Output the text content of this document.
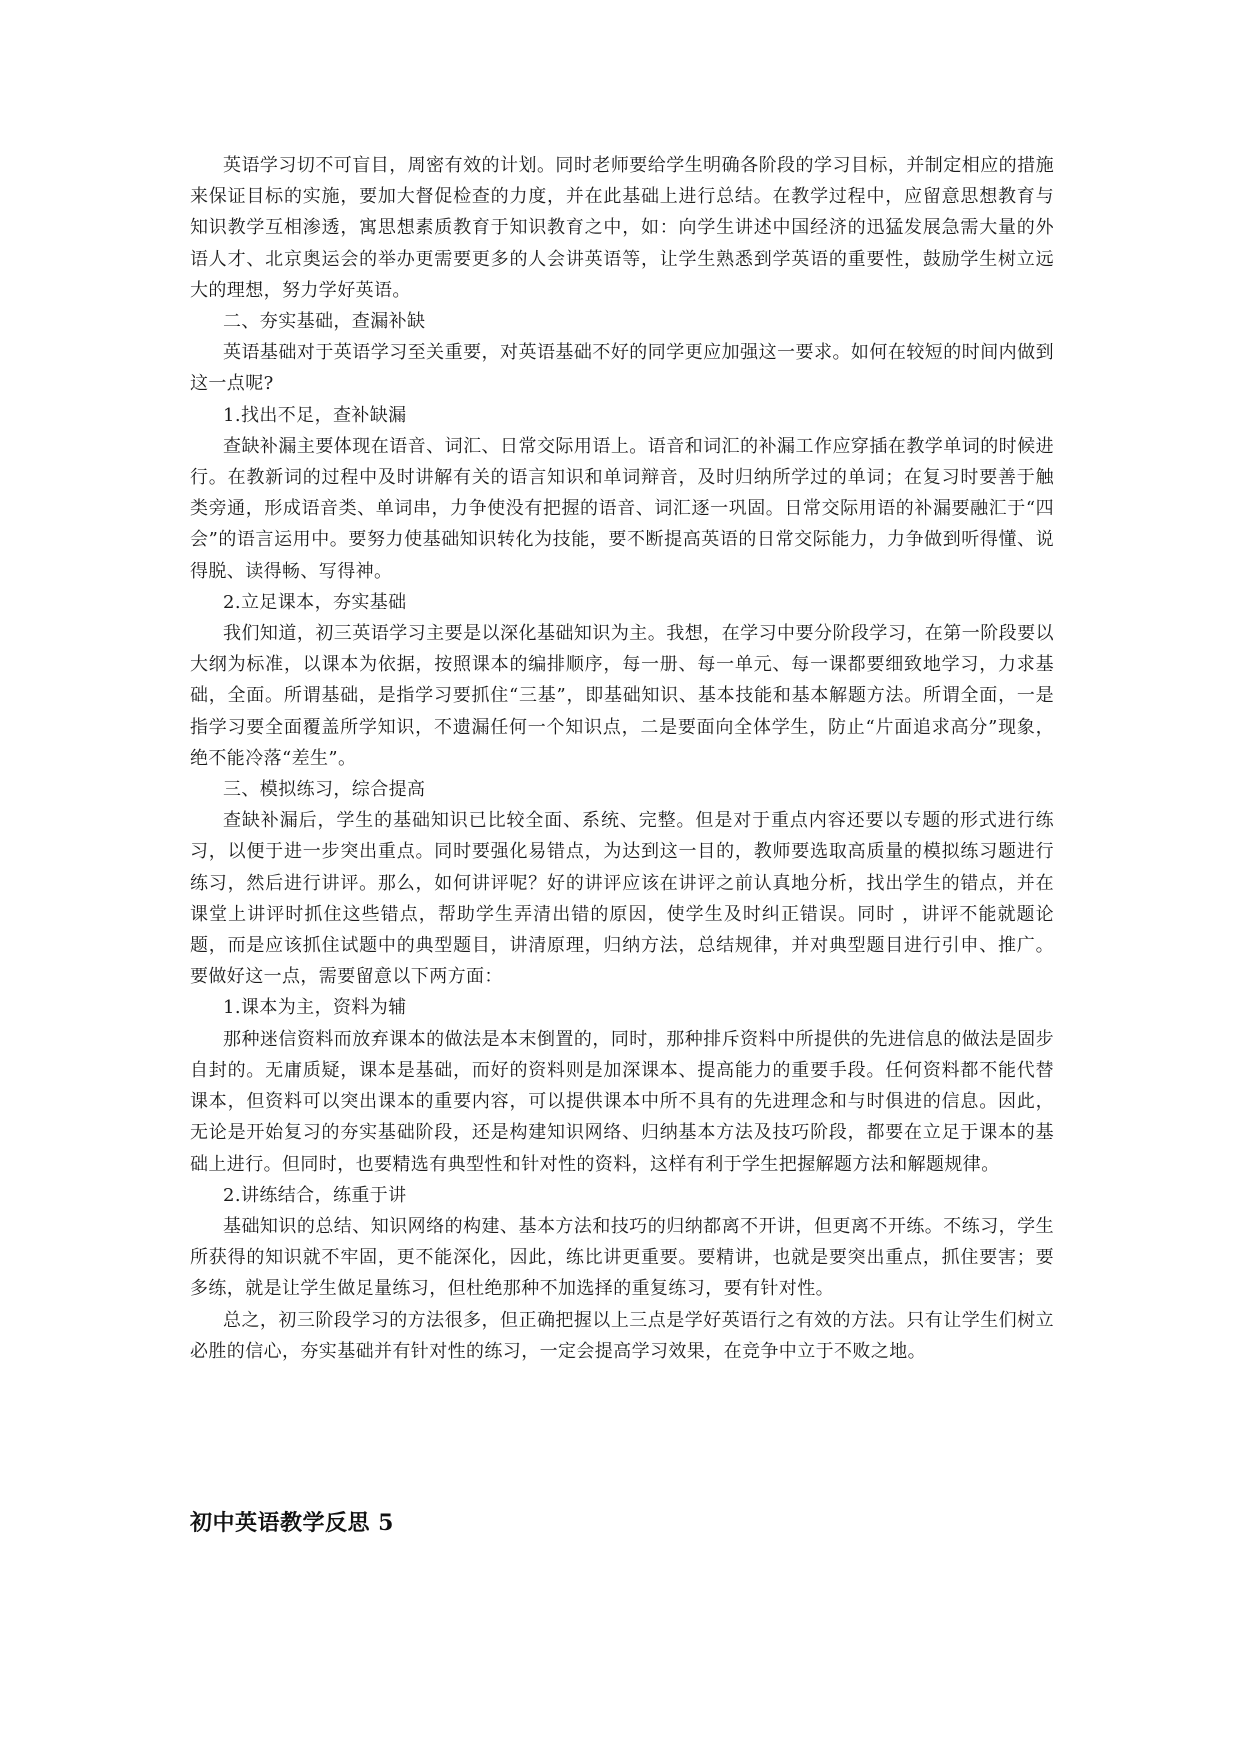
英语学习切不可盲目，周密有效的计划。同时老师要给学生明确各阶段的学习目标，并制定相应的措施来保证目标的实施，要加大督促检查的力度，并在此基础上进行总结。在教学过程中，应留意思想教育与知识教学互相渗透，寓思想素质教育于知识教育之中，如：向学生讲述中国经济的迅猛发展急需大量的外语人才、北京奥运会的举办更需要更多的人会讲英语等，让学生熟悉到学英语的重要性，鼓励学生树立远大的理想，努力学好英语。

二、夯实基础，查漏补缺

英语基础对于英语学习至关重要，对英语基础不好的同学更应加强这一要求。如何在较短的时间内做到这一点呢?

1.找出不足，查补缺漏

查缺补漏主要体现在语音、词汇、日常交际用语上。语音和词汇的补漏工作应穿插在教学单词的时候进行。在教新词的过程中及时讲解有关的语言知识和单词辩音，及时归纳所学过的单词；在复习时要善于触类旁通，形成语音类、单词串，力争使没有把握的语音、词汇逐一巩固。日常交际用语的补漏要融汇于“四会”的语言运用中。要努力使基础知识转化为技能，要不断提高英语的日常交际能力，力争做到听得懂、说得脱、读得畅、写得神。

2.立足课本，夯实基础

我们知道，初三英语学习主要是以深化基础知识为主。我想，在学习中要分阶段学习，在第一阶段要以大纲为标准，以课本为依据，按照课本的编排顺序，每一册、每一单元、每一课都要细致地学习，力求基础，全面。所谓基础，是指学习要抓住“三基”，即基础知识、基本技能和基本解题方法。所谓全面，一是指学习要全面覆盖所学知识，不遗漏任何一个知识点，二是要面向全体学生，防止“片面追求高分”现象，绝不能冷落“差生”。

三、模拟练习，综合提高

查缺补漏后，学生的基础知识已比较全面、系统、完整。但是对于重点内容还要以专题的形式进行练习，以便于进一步突出重点。同时要强化易错点，为达到这一目的，教师要选取高质量的模拟练习题进行练习，然后进行讲评。那么，如何讲评呢？好的讲评应该在讲评之前认真地分析，找出学生的错点，并在课堂上讲评时抓住这些错点，帮助学生弄清出错的原因，使学生及时纠正错误。同时 ，讲评不能就题论题，而是应该抓住试题中的典型题目，讲清原理，归纳方法，总结规律，并对典型题目进行引申、推广。要做好这一点，需要留意以下两方面：

1.课本为主，资料为辅

那种迷信资料而放弃课本的做法是本末倒置的，同时，那种排斥资料中所提供的先进信息的做法是固步自封的。无庸质疑，课本是基础，而好的资料则是加深课本、提高能力的重要手段。任何资料都不能代替课本，但资料可以突出课本的重要内容，可以提供课本中所不具有的先进理念和与时俱进的信息。因此，无论是开始复习的夯实基础阶段，还是构建知识网络、归纳基本方法及技巧阶段，都要在立足于课本的基础上进行。但同时，也要精选有典型性和针对性的资料，这样有利于学生把握解题方法和解题规律。

2.讲练结合，练重于讲

基础知识的总结、知识网络的构建、基本方法和技巧的归纳都离不开讲，但更离不开练。不练习，学生所获得的知识就不牢固，更不能深化，因此，练比讲更重要。要精讲，也就是要突出重点，抓住要害；要多练，就是让学生做足量练习，但杜绝那种不加选择的重复练习，要有针对性。

总之，初三阶段学习的方法很多，但正确把握以上三点是学好英语行之有效的方法。只有让学生们树立必胜的信心，夯实基础并有针对性的练习，一定会提高学习效果，在竞争中立于不败之地。

初中英语教学反思 5
